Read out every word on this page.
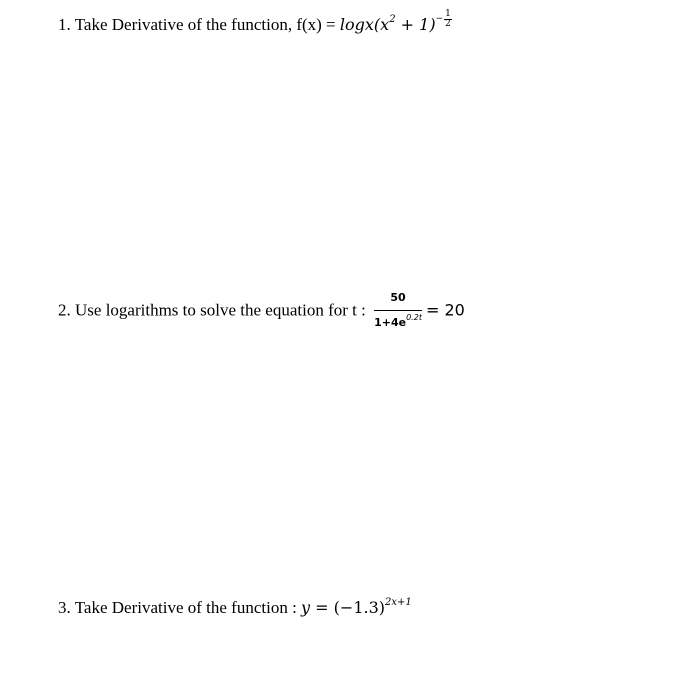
1. Take Derivative of the function, $f(x) = \log x(x^2 + 1)- \frac{1}{2}$
2. Use logarithms to solve the equation for t : $\frac{50}{1+4e^{0.2t}} = 20$
3. Take Derivative of the function : $y = (-1.3)^{2x+1}$
